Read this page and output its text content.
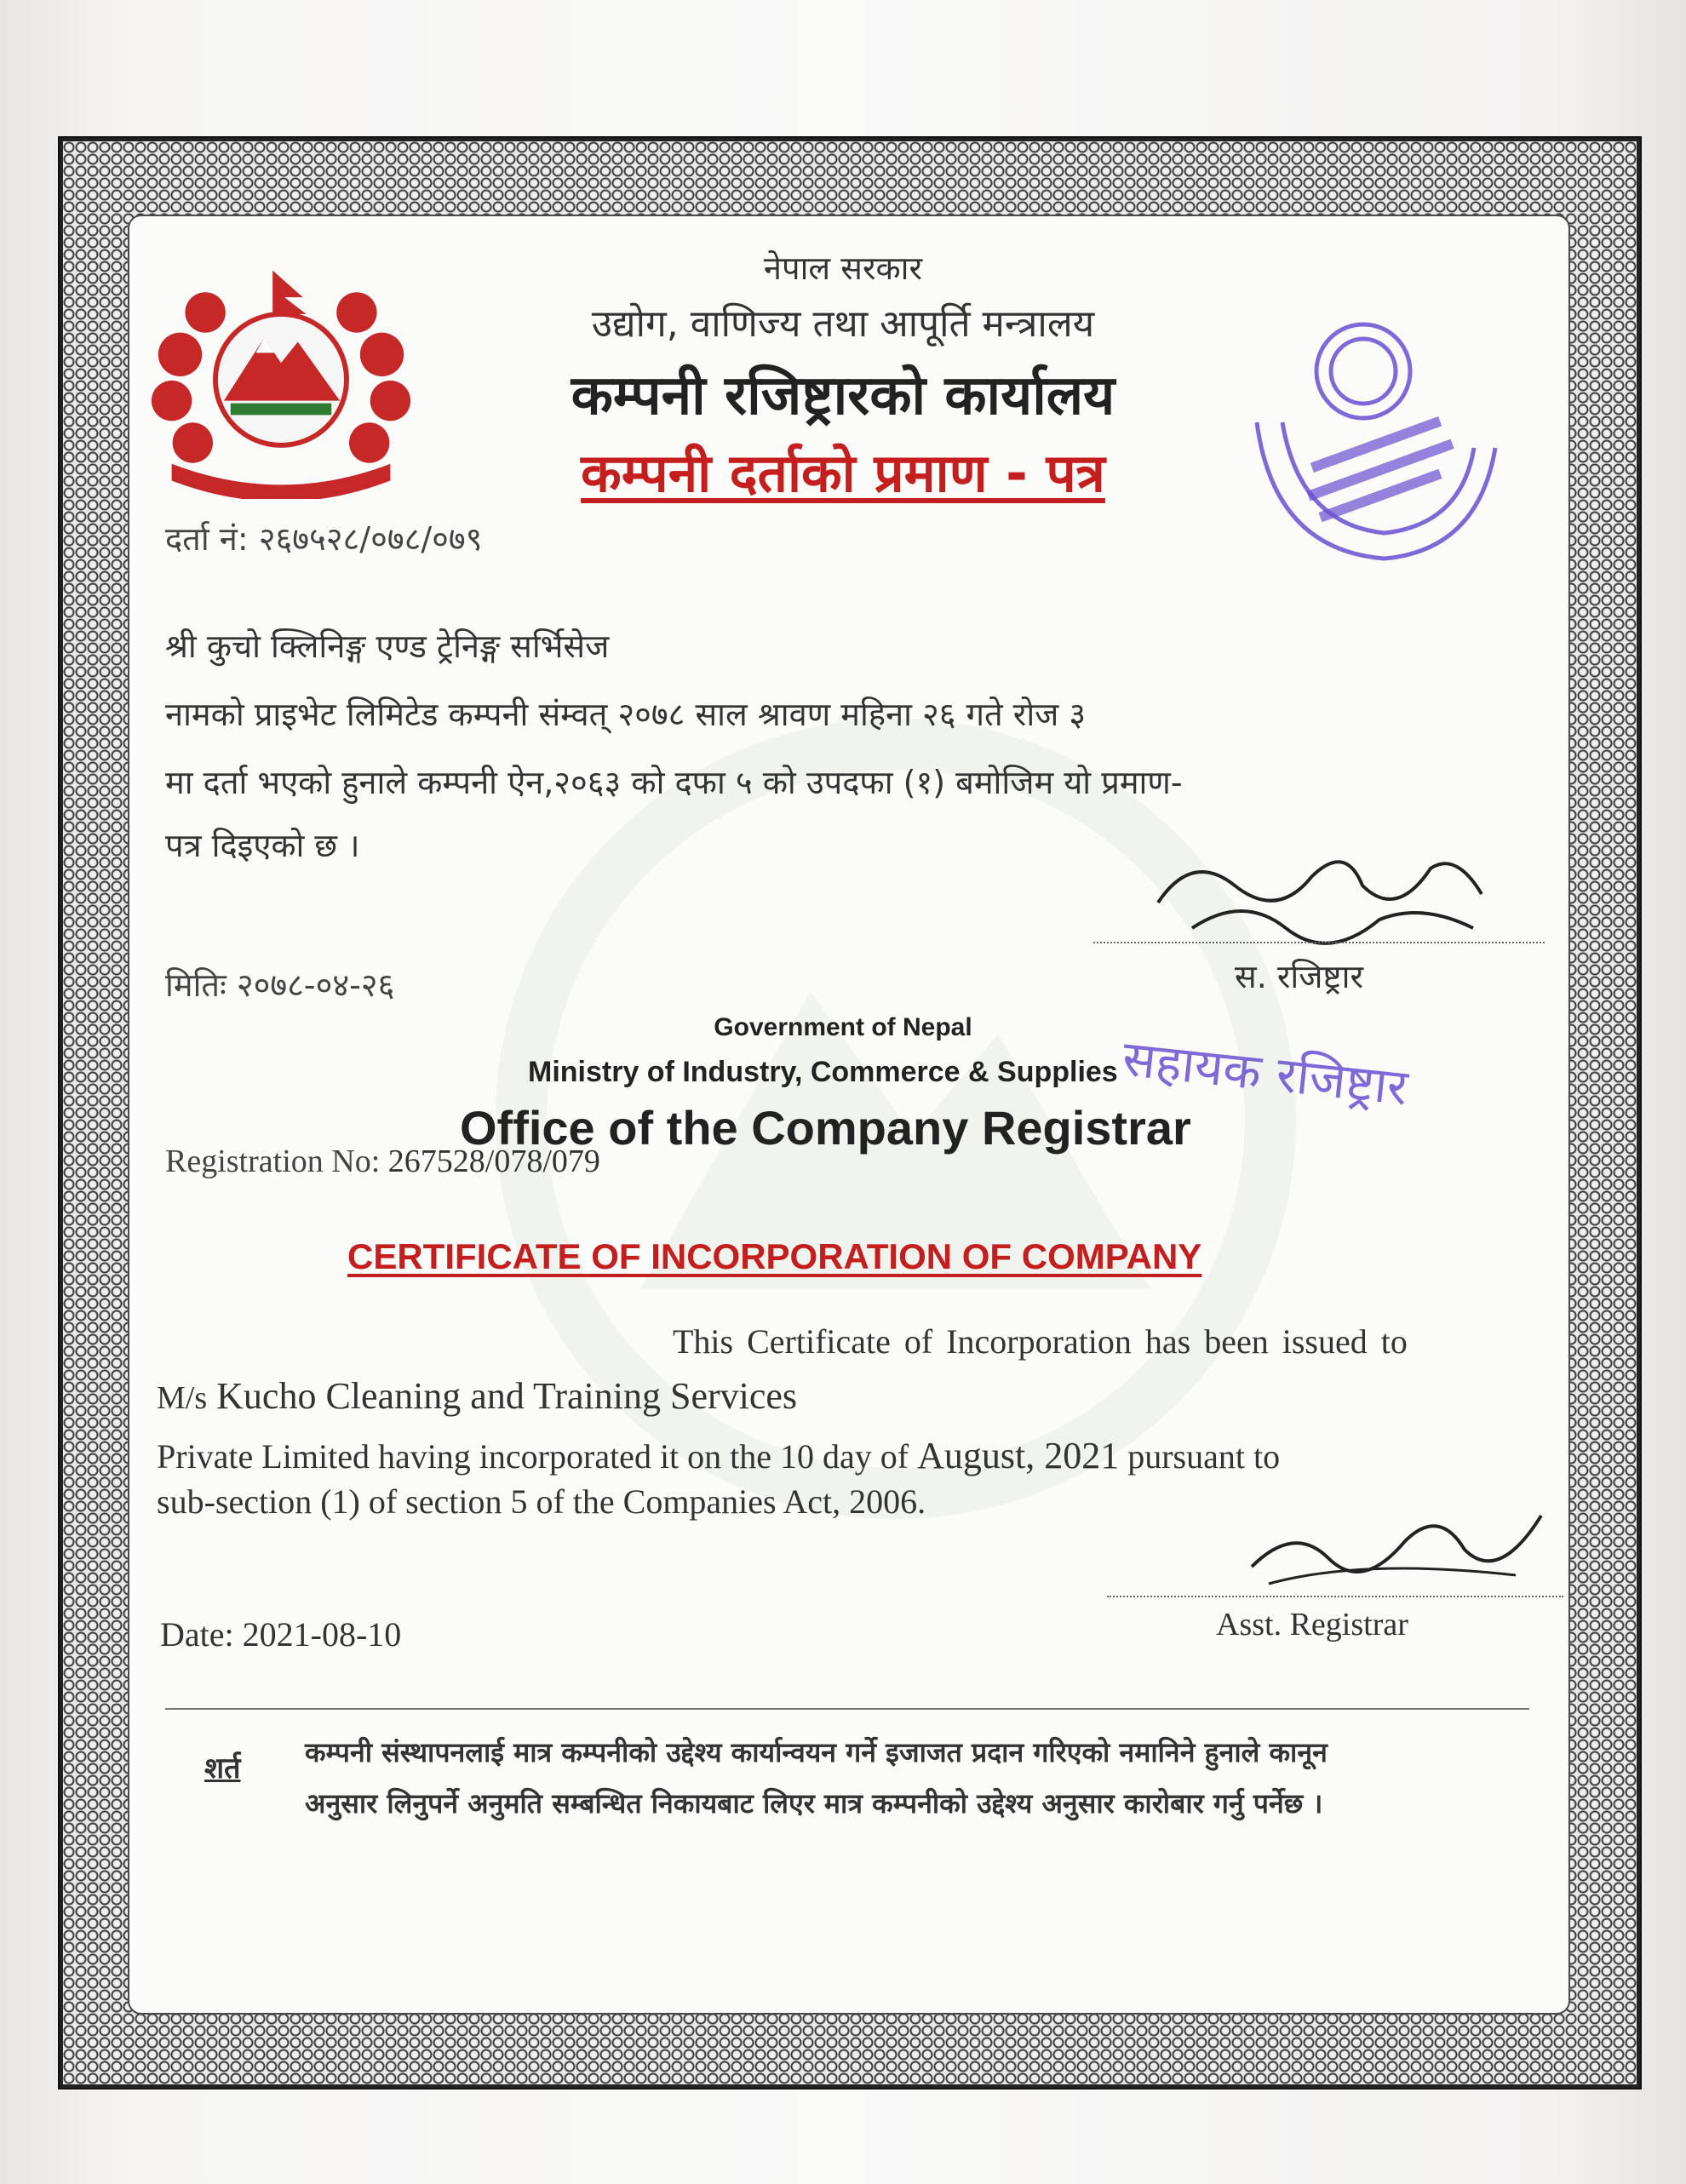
नेपाल सरकार
उद्योग, वाणिज्य तथा आपूर्ति मन्त्रालय
कम्पनी रजिष्ट्रारको कार्यालय
कम्पनी दर्ताको प्रमाण - पत्र
दर्ता नं: २६७५२८/०७८/०७९
श्री कुचो क्लिनिङ्ग एण्ड ट्रेनिङ्ग सर्भिसेज
नामको प्राइभेट लिमिटेड कम्पनी संम्वत् २०७८ साल श्रावण महिना २६ गते रोज ३
मा दर्ता भएको हुनाले कम्पनी ऐन,२०६३ को दफा ५ को उपदफा (१) बमोजिम यो प्रमाण-
पत्र दिइएको छ ।
स. रजिष्ट्रार
मितिः २०७८-०४-२६
Government of Nepal
Ministry of Industry, Commerce & Supplies सहायक रजिष्ट्रार
Registration No: 267528/078/079
Office of the Company Registrar
CERTIFICATE OF INCORPORATION OF COMPANY
This Certificate of Incorporation has been issued to
M/s Kucho Cleaning and Training Services
Private Limited having incorporated it on the 10 day of August, 2021 pursuant to
sub-section (1) of section 5 of the Companies Act, 2006.
Asst. Registrar
Date: 2021-08-10
शर्त कम्पनी संस्थापनलाई मात्र कम्पनीको उद्देश्य कार्यान्वयन गर्ने इजाजत प्रदान गरिएको नमानिने हुनाले कानून
अनुसार लिनुपर्ने अनुमति सम्बन्धित निकायबाट लिएर मात्र कम्पनीको उद्देश्य अनुसार कारोबार गर्नु पर्नेछ ।
